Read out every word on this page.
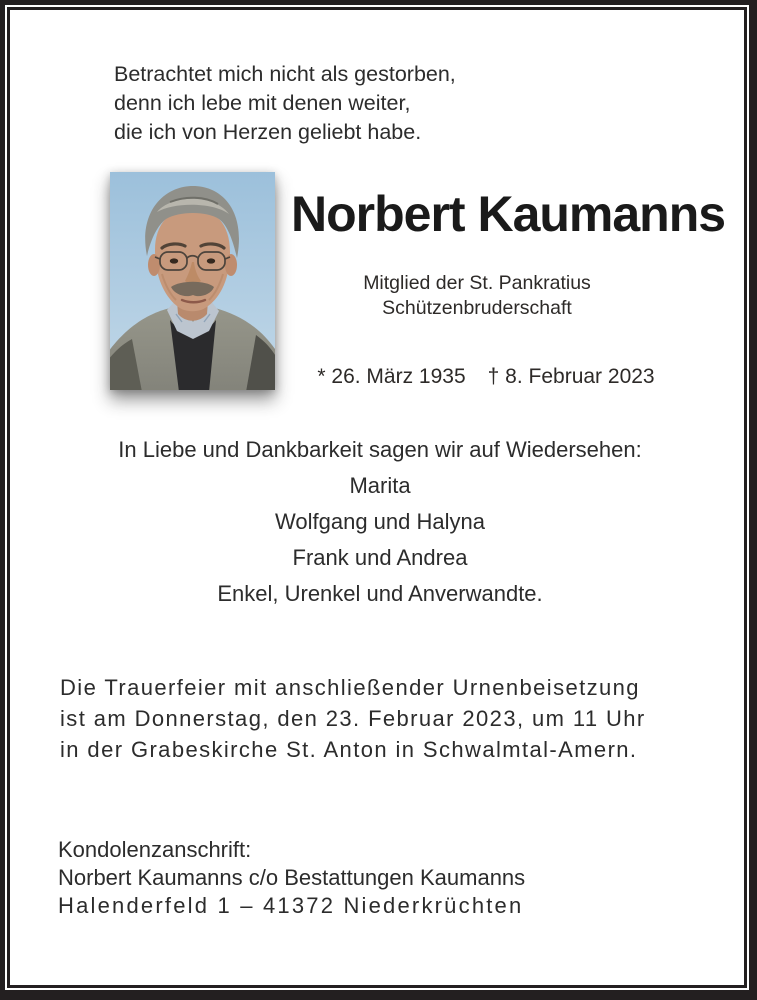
Betrachtet mich nicht als gestorben,
denn ich lebe mit denen weiter,
die ich von Herzen geliebt habe.
Norbert Kaumanns
Mitglied der St. Pankratius
Schützenbruderschaft
* 26. März 1935 † 8. Februar 2023
In Liebe und Dankbarkeit sagen wir auf Wiedersehen:
Marita
Wolfgang und Halyna
Frank und Andrea
Enkel, Urenkel und Anverwandte.
Die Trauerfeier mit anschließender Urnenbeisetzung
ist am Donnerstag, den 23. Februar 2023, um 11 Uhr
in der Grabeskirche St. Anton in Schwalmtal-Amern.
Kondolenzanschrift:
Norbert Kaumanns c/o Bestattungen Kaumanns
Halenderfeld 1 – 41372 Niederkrüchten
